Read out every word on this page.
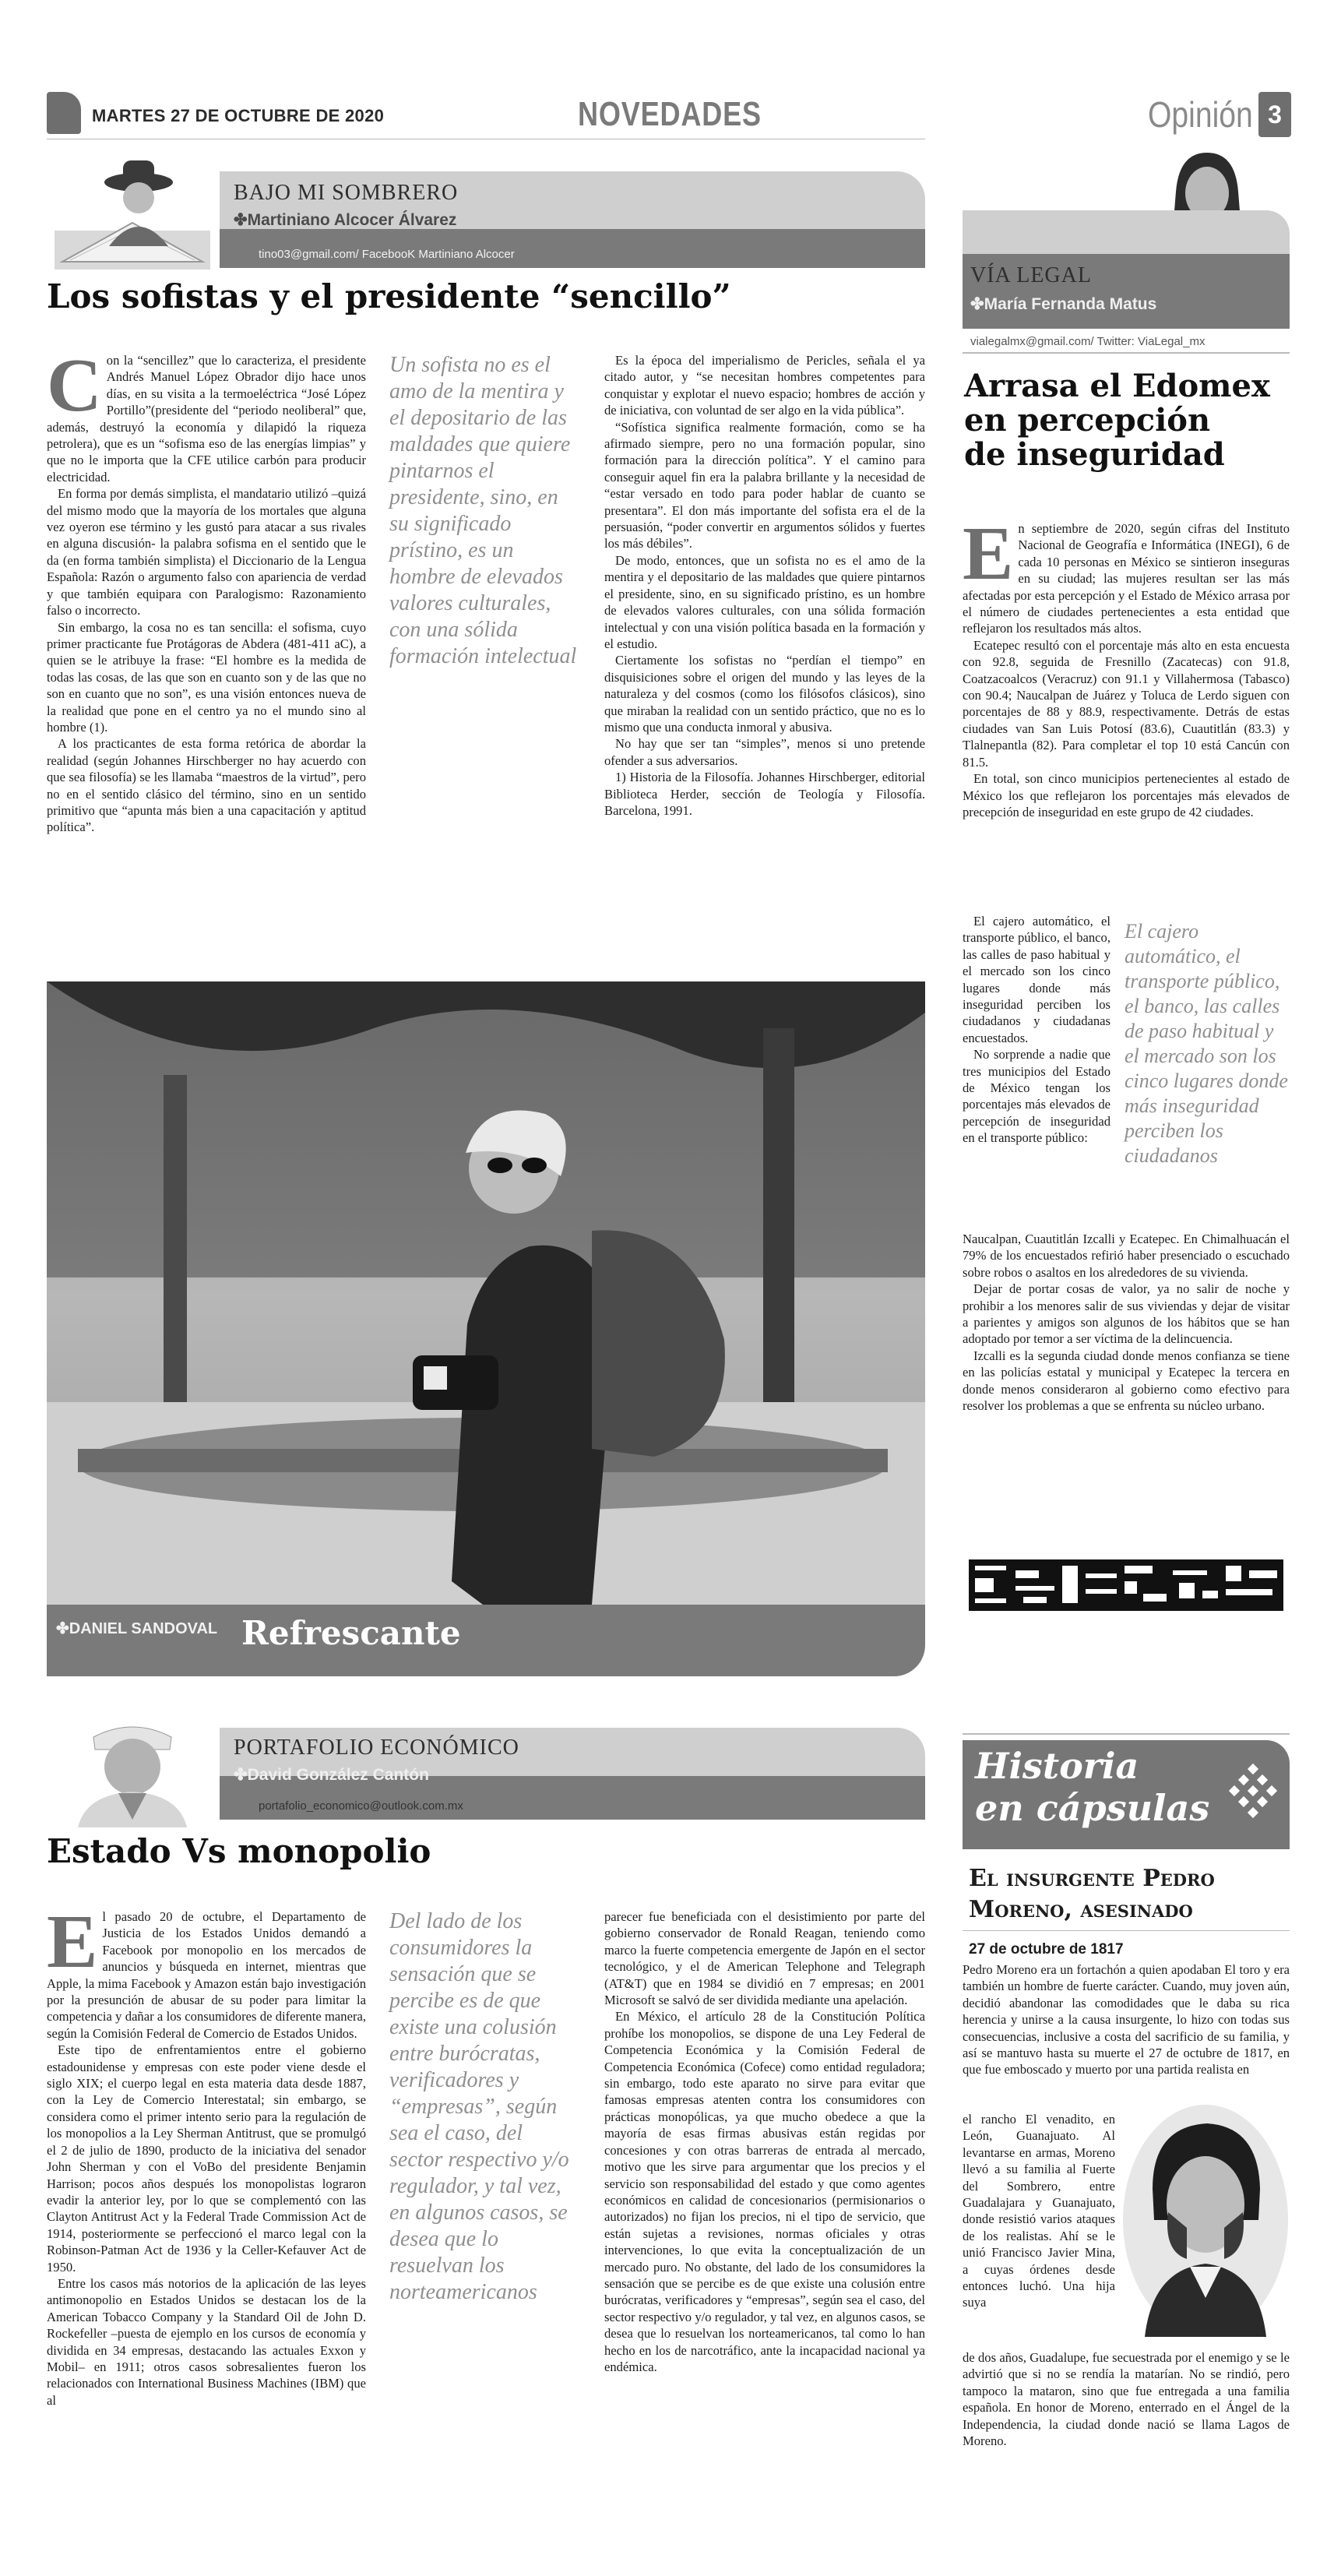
MARTES 27 DE OCTUBRE DE 2020	NOVEDADES	Opinión 3
BAJO MI SOMBRERO
✤Martiniano Alcocer Álvarez
tino03@gmail.com/ FacebooK Martiniano Alcocer
Los sofistas y el presidente “sencillo”
C on la “sencillez” que lo caracteriza, el presidente Andrés Manuel López Obrador dijo hace unos días, en su visita a la termoeléctrica “José López Portillo”(presidente del “periodo neoliberal” que, además, destruyó la economía y dilapidó la riqueza petrolera), que es un “sofisma eso de las energías limpias” y que no le importa que la CFE utilice carbón para producir electricidad.

En forma por demás simplista, el mandatario utilizó –quizá del mismo modo que la mayoría de los mortales que alguna vez oyeron ese término y les gustó para atacar a sus rivales en alguna discusión- la palabra sofisma en el sentido que le da (en forma también simplista) el Diccionario de la Lengua Española: Razón o argumento falso con apariencia de verdad y que también equipara con Paralogismo: Razonamiento falso o incorrecto.

Sin embargo, la cosa no es tan sencilla: el sofisma, cuyo primer practicante fue Protágoras de Abdera (481-411 aC), a quien se le atribuye la frase: “El hombre es la medida de todas las cosas, de las que son en cuanto son y de las que no son en cuanto que no son”, es una visión entonces nueva de la realidad que pone en el centro ya no el mundo sino al hombre (1).

A los practicantes de esta forma retórica de abordar la realidad (según Johannes Hirschberger no hay acuerdo con que sea filosofía) se les llamaba “maestros de la virtud”, pero no en el sentido clásico del término, sino en un sentido primitivo que “apunta más bien a una capacitación y aptitud política”.

Un sofista no es el amo de la mentira y el depositario de las maldades que quiere pintarnos el presidente, sino, en su significado prístino, es un hombre de elevados valores culturales, con una sólida formación intelectual

Es la época del imperialismo de Pericles, señala el ya citado autor, y “se necesitan hombres competentes para conquistar y explotar el nuevo espacio; hombres de acción y de iniciativa, con voluntad de ser algo en la vida pública”.

“Sofística significa realmente formación, como se ha afirmado siempre, pero no una formación popular, sino formación para la dirección política”. Y el camino para conseguir aquel fin era la palabra brillante y la necesidad de “estar versado en todo para poder hablar de cuanto se presentara”. El don más importante del sofista era el de la persuasión, “poder convertir en argumentos sólidos y fuertes los más débiles”.

De modo, entonces, que un sofista no es el amo de la mentira y el depositario de las maldades que quiere pintarnos el presidente, sino, en su significado prístino, es un hombre de elevados valores culturales, con una sólida formación intelectual y con una visión política basada en la formación y el estudio.

Ciertamente los sofistas no “perdían el tiempo” en disquisiciones sobre el origen del mundo y las leyes de la naturaleza y del cosmos (como los filósofos clásicos), sino que miraban la realidad con un sentido práctico, que no es lo mismo que una conducta inmoral y abusiva.

No hay que ser tan “simples”, menos si uno pretende ofender a sus adversarios.

1) Historia de la Filosofía. Johannes Hirschberger, editorial Biblioteca Herder, sección de Teología y Filosofía. Barcelona, 1991.

VÍA LEGAL
✤María Fernanda Matus
vialegalmx@gmail.com/ Twitter: ViaLegal_mx
Arrasa el Edomex
en percepción
de inseguridad
E n septiembre de 2020, según cifras del Instituto Nacional de Geografía e Informática (INEGI), 6 de cada 10 personas en México se sintieron inseguras en su ciudad; las mujeres resultan ser las más afectadas por esta percepción y el Estado de México arrasa por el número de ciudades pertenecientes a esta entidad que reflejaron los resultados más altos.

Ecatepec resultó con el porcentaje más alto en esta encuesta con 92.8, seguida de Fresnillo (Zacatecas) con 91.8, Coatzacoalcos (Veracruz) con 91.1 y Villahermosa (Tabasco) con 90.4; Naucalpan de Juárez y Toluca de Lerdo siguen con porcentajes de 88 y 88.9, respectivamente. Detrás de estas ciudades van San Luis Potosí (83.6), Cuautitlán (83.3) y Tlalnepantla (82). Para completar el top 10 está Cancún con 81.5.

En total, son cinco municipios pertenecientes al estado de México los que reflejaron los porcentajes más elevados de precepción de inseguridad en este grupo de 42 ciudades.

El cajero automático, el transporte público, el banco, las calles de paso habitual y el mercado son los cinco lugares donde más inseguridad perciben los ciudadanos y ciudadanas encuestados.

No sorprende a nadie que tres municipios del Estado de México tengan los porcentajes más elevados de percepción de inseguridad en el transporte público:

El cajero automático, el transporte público, el banco, las calles de paso habitual y el mercado son los cinco lugares donde más inseguridad perciben los ciudadanos

Naucalpan, Cuautitlán Izcalli y Ecatepec. En Chimalhuacán el 79% de los encuestados refirió haber presenciado o escuchado sobre robos o asaltos en los alrededores de su vivienda.

Dejar de portar cosas de valor, ya no salir de noche y prohibir a los menores salir de sus viviendas y dejar de visitar a parientes y amigos son algunos de los hábitos que se han adoptado por temor a ser víctima de la delincuencia.

Izcalli es la segunda ciudad donde menos confianza se tiene en las policías estatal y municipal y Ecatepec la tercera en donde menos consideraron al gobierno como efectivo para resolver los problemas a que se enfrenta su núcleo urbano.

✤DANIEL SANDOVAL Refrescante
PORTAFOLIO ECONÓMICO
✤David González Cantón
portafolio_economico@outlook.com.mx
Estado Vs monopolio
E l pasado 20 de octubre, el Departamento de Justicia de los Estados Unidos demandó a Facebook por monopolio en los mercados de anuncios y búsqueda en internet, mientras que Apple, la mima Facebook y Amazon están bajo investigación por la presunción de abusar de su poder para limitar la competencia y dañar a los consumidores de diferente manera, según la Comisión Federal de Comercio de Estados Unidos.

Este tipo de enfrentamientos entre el gobierno estadounidense y empresas con este poder viene desde el siglo XIX; el cuerpo legal en esta materia data desde 1887, con la Ley de Comercio Interestatal; sin embargo, se considera como el primer intento serio para la regulación de los monopolios a la Ley Sherman Antitrust, que se promulgó el 2 de julio de 1890, producto de la iniciativa del senador John Sherman y con el VoBo del presidente Benjamin Harrison; pocos años después los monopolistas lograron evadir la anterior ley, por lo que se complementó con las Clayton Antitrust Act y la Federal Trade Commission Act de 1914, posteriormente se perfeccionó el marco legal con la Robinson-Patman Act de 1936 y la Celler-Kefauver Act de 1950.

Entre los casos más notorios de la aplicación de las leyes antimonopolio en Estados Unidos se destacan los de la American Tobacco Company y la Standard Oil de John D. Rockefeller –puesta de ejemplo en los cursos de economía y dividida en 34 empresas, destacando las actuales Exxon y Mobil– en 1911; otros casos sobresalientes fueron los relacionados con International Business Machines (IBM) que al

Del lado de los consumidores la sensación que se percibe es de que existe una colusión entre burócratas, verificadores y “empresas”, según sea el caso, del sector respectivo y/o regulador, y tal vez, en algunos casos, se desea que lo resuelvan los norteamericanos

parecer fue beneficiada con el desistimiento por parte del gobierno conservador de Ronald Reagan, teniendo como marco la fuerte competencia emergente de Japón en el sector tecnológico, y el de American Telephone and Telegraph (AT&T) que en 1984 se dividió en 7 empresas; en 2001 Microsoft se salvó de ser dividida mediante una apelación.

En México, el artículo 28 de la Constitución Política prohíbe los monopolios, se dispone de una Ley Federal de Competencia Económica y la Comisión Federal de Competencia Económica (Cofece) como entidad reguladora; sin embargo, todo este aparato no sirve para evitar que famosas empresas atenten contra los consumidores con prácticas monopólicas, ya que mucho obedece a que la mayoría de esas firmas abusivas están regidas por concesiones y con otras barreras de entrada al mercado, motivo que les sirve para argumentar que los precios y el servicio son responsabilidad del estado y que como agentes económicos en calidad de concesionarios (permisionarios o autorizados) no fijan los precios, ni el tipo de servicio, que están sujetas a revisiones, normas oficiales y otras intervenciones, lo que evita la conceptualización de un mercado puro. No obstante, del lado de los consumidores la sensación que se percibe es de que existe una colusión entre burócratas, verificadores y “empresas”, según sea el caso, del sector respectivo y/o regulador, y tal vez, en algunos casos, se desea que lo resuelvan los norteamericanos, tal como lo han hecho en los de narcotráfico, ante la incapacidad nacional ya endémica.

Historia
en cápsulas
El insurgente Pedro
Moreno, asesinado
27 de octubre de 1817

Pedro Moreno era un fortachón a quien apodaban El toro y era también un hombre de fuerte carácter. Cuando, muy joven aún, decidió abandonar las comodidades que le daba su rica herencia y unirse a la causa insurgente, lo hizo con todas sus consecuencias, inclusive a costa del sacrificio de su familia, y así se mantuvo hasta su muerte el 27 de octubre de 1817, en que fue emboscado y muerto por una partida realista en

el rancho El venadito, en León, Guanajuato. Al levantarse en armas, Moreno llevó a su familia al Fuerte del Sombrero, entre Guadalajara y Guanajuato, donde resistió varios ataques de los realistas. Ahí se le unió Francisco Javier Mina, a cuyas órdenes desde entonces luchó. Una hija suya

de dos años, Guadalupe, fue secuestrada por el enemigo y se le advirtió que si no se rendía la matarían. No se rindió, pero tampoco la mataron, sino que fue entregada a una familia española. En honor de Moreno, enterrado en el Ángel de la Independencia, la ciudad donde nació se llama Lagos de Moreno.
